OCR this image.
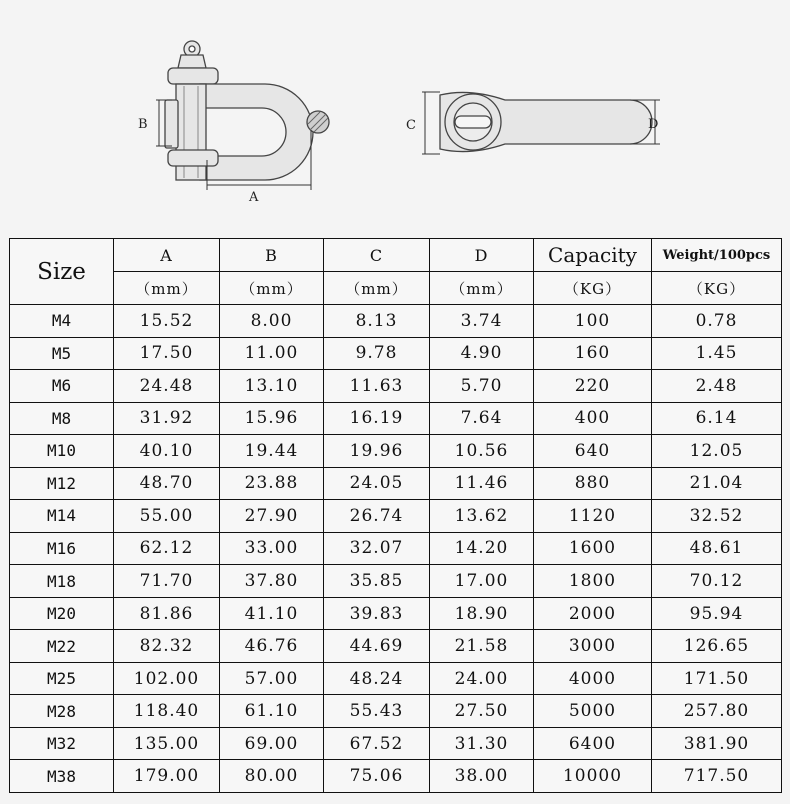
B
A
C	D
Size	A	B	C	D	Capacity	Weight/100pcs
	（mm）	（mm）	（mm）	（mm）	（KG）	（KG）
M4	15.52	8.00	8.13	3.74	100	0.78
M5	17.50	11.00	9.78	4.90	160	1.45
M6	24.48	13.10	11.63	5.70	220	2.48
M8	31.92	15.96	16.19	7.64	400	6.14
M10	40.10	19.44	19.96	10.56	640	12.05
M12	48.70	23.88	24.05	11.46	880	21.04
M14	55.00	27.90	26.74	13.62	1120	32.52
M16	62.12	33.00	32.07	14.20	1600	48.61
M18	71.70	37.80	35.85	17.00	1800	70.12
M20	81.86	41.10	39.83	18.90	2000	95.94
M22	82.32	46.76	44.69	21.58	3000	126.65
M25	102.00	57.00	48.24	24.00	4000	171.50
M28	118.40	61.10	55.43	27.50	5000	257.80
M32	135.00	69.00	67.52	31.30	6400	381.90
M38	179.00	80.00	75.06	38.00	10000	717.50
